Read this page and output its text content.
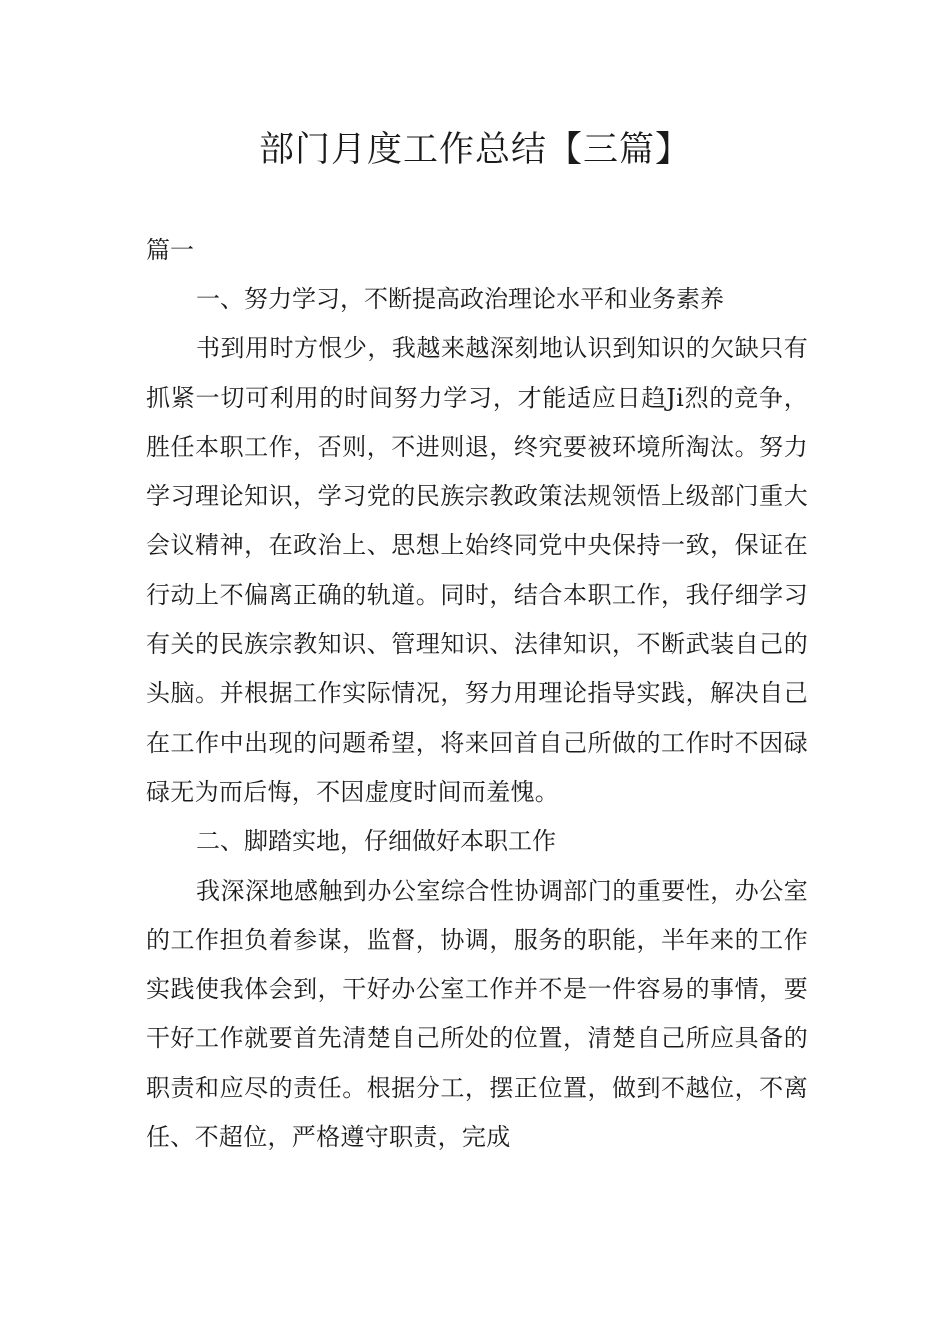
部门月度工作总结【三篇】

篇一

一、努力学习，不断提高政治理论水平和业务素养

书到用时方恨少，我越来越深刻地认识到知识的欠缺只有抓紧一切可利用的时间努力学习，才能适应日趋Ji烈的竞争，胜任本职工作，否则，不进则退，终究要被环境所淘汰。努力学习理论知识，学习党的民族宗教政策法规领悟上级部门重大会议精神，在政治上、思想上始终同党中央保持一致，保证在行动上不偏离正确的轨道。同时，结合本职工作，我仔细学习有关的民族宗教知识、管理知识、法律知识，不断武装自己的头脑。并根据工作实际情况，努力用理论指导实践，解决自己在工作中出现的问题希望，将来回首自己所做的工作时不因碌碌无为而后悔，不因虚度时间而羞愧。

二、脚踏实地，仔细做好本职工作

我深深地感触到办公室综合性协调部门的重要性，办公室的工作担负着参谋，监督，协调，服务的职能，半年来的工作实践使我体会到，干好办公室工作并不是一件容易的事情，要干好工作就要首先清楚自己所处的位置，清楚自己所应具备的职责和应尽的责任。根据分工，摆正位置，做到不越位，不离任、不超位，严格遵守职责，完成
